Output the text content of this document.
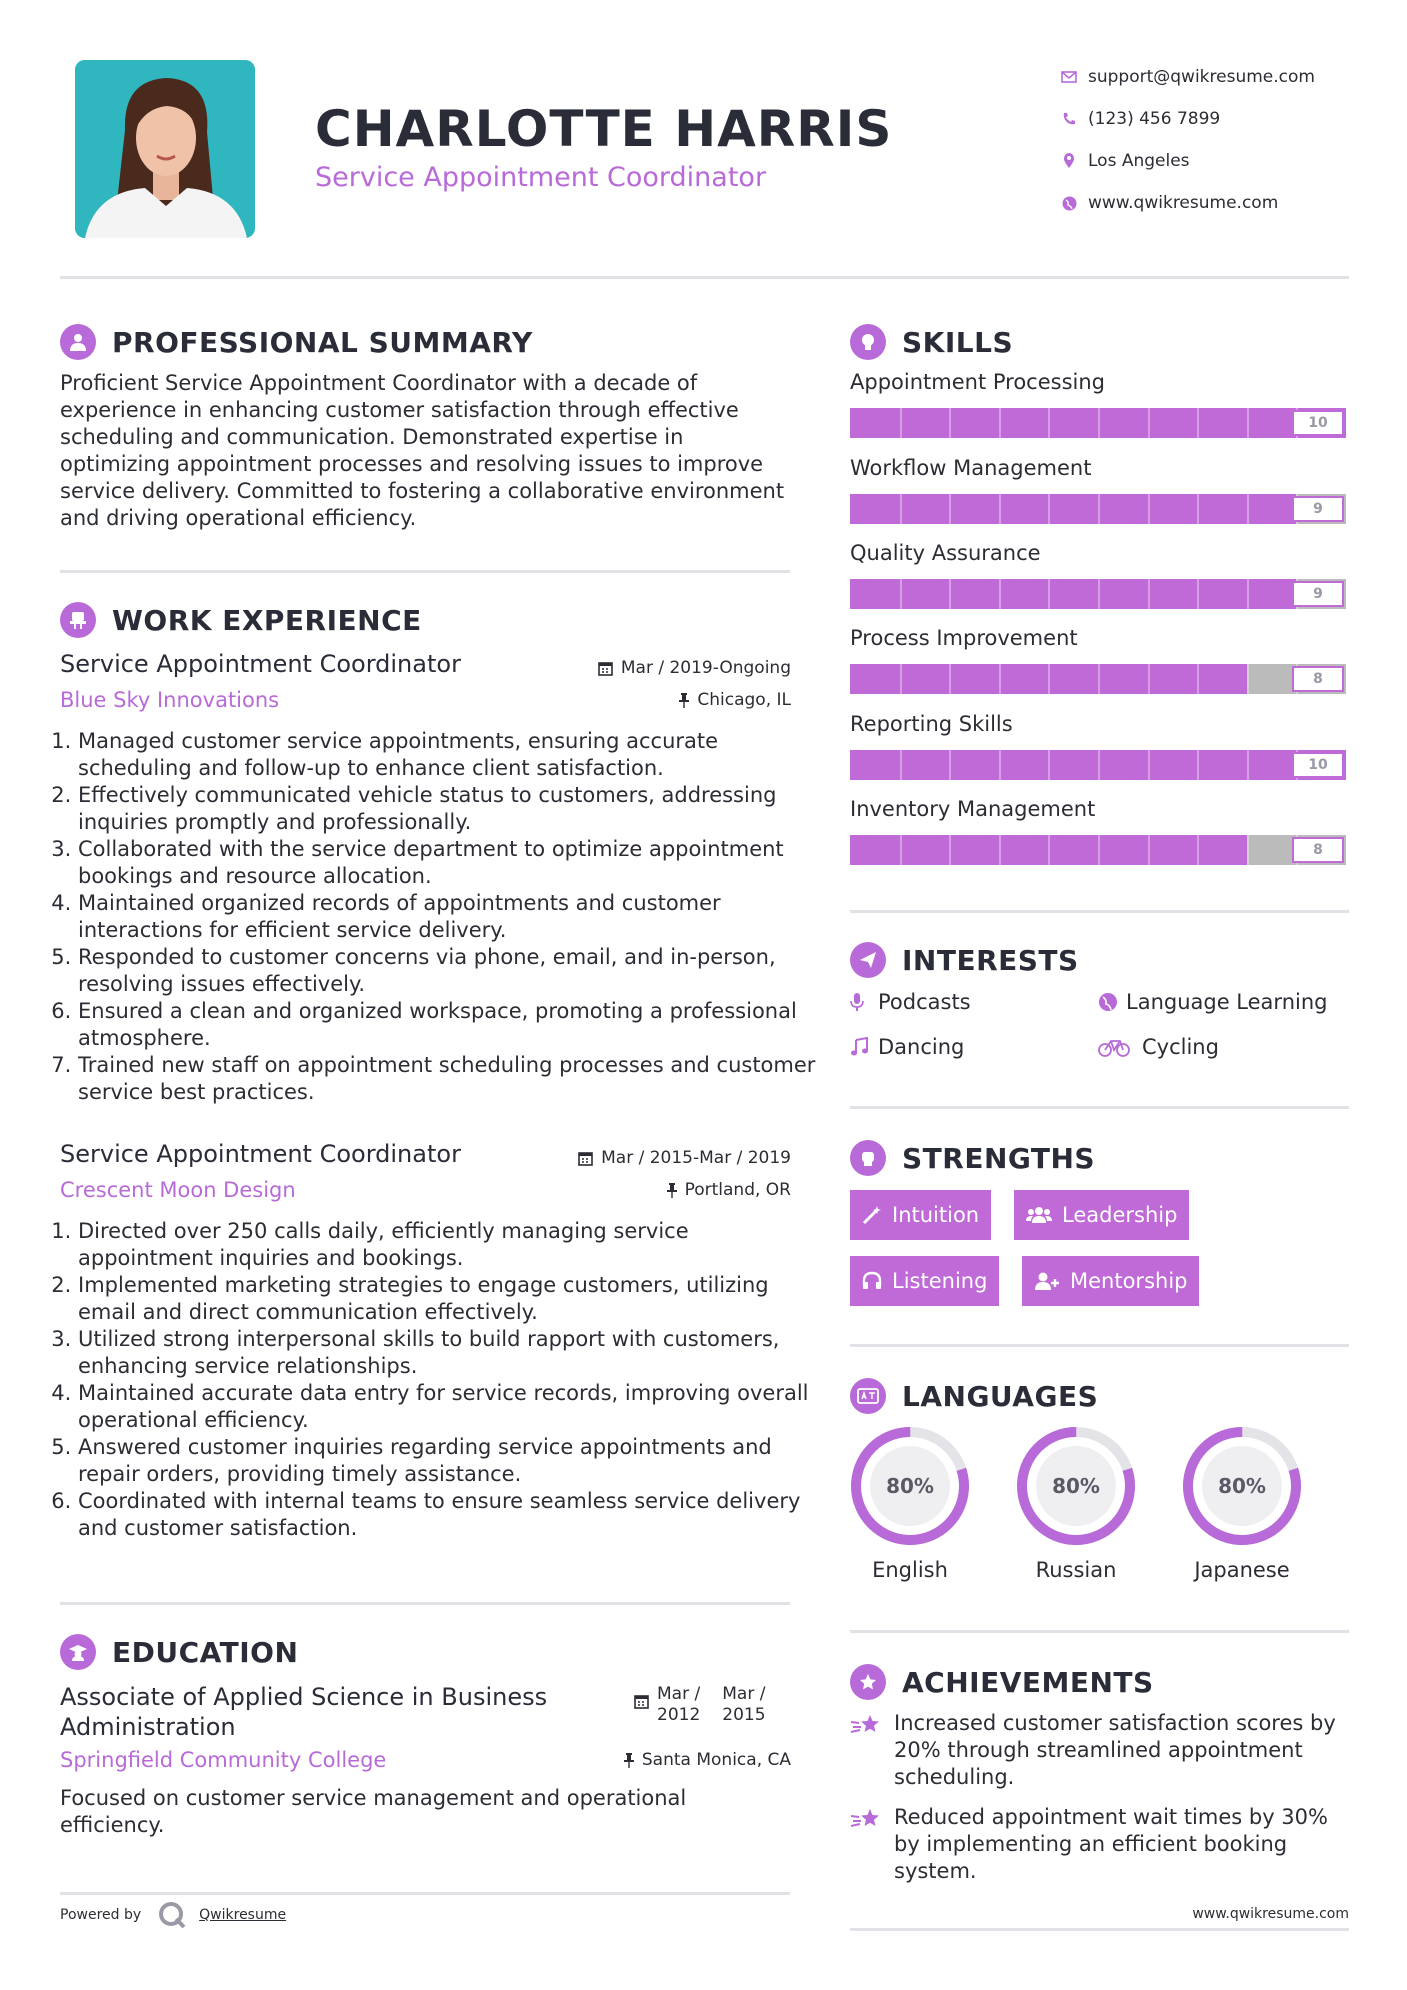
CHARLOTTE HARRIS
Service Appointment Coordinator
support@qwikresume.com
(123) 456 7899
Los Angeles
www.qwikresume.com
PROFESSIONAL SUMMARY
Proficient Service Appointment Coordinator with a decade of
experience in enhancing customer satisfaction through effective
scheduling and communication. Demonstrated expertise in
optimizing appointment processes and resolving issues to improve
service delivery. Committed to fostering a collaborative environment
and driving operational efficiency.
WORK EXPERIENCE
Service Appointment Coordinator	Mar / 2019-Ongoing
Blue Sky Innovations	Chicago, IL
1. Managed customer service appointments, ensuring accurate scheduling and follow-up to enhance client satisfaction.
2. Effectively communicated vehicle status to customers, addressing inquiries promptly and professionally.
3. Collaborated with the service department to optimize appointment bookings and resource allocation.
4. Maintained organized records of appointments and customer interactions for efficient service delivery.
5. Responded to customer concerns via phone, email, and in-person, resolving issues effectively.
6. Ensured a clean and organized workspace, promoting a professional atmosphere.
7. Trained new staff on appointment scheduling processes and customer service best practices.
Service Appointment Coordinator	Mar / 2015-Mar / 2019
Crescent Moon Design	Portland, OR
1. Directed over 250 calls daily, efficiently managing service appointment inquiries and bookings.
2. Implemented marketing strategies to engage customers, utilizing email and direct communication effectively.
3. Utilized strong interpersonal skills to build rapport with customers, enhancing service relationships.
4. Maintained accurate data entry for service records, improving overall operational efficiency.
5. Answered customer inquiries regarding service appointments and repair orders, providing timely assistance.
6. Coordinated with internal teams to ensure seamless service delivery and customer satisfaction.
EDUCATION
Associate of Applied Science in Business
Administration
Mar /
2012
Mar /
2015
Springfield Community College	Santa Monica, CA
Focused on customer service management and operational efficiency.
Powered by	Qwikresume
SKILLS
Appointment Processing
10
Workflow Management
9
Quality Assurance
9
Process Improvement
8
Reporting Skills
10
Inventory Management
8
INTERESTS
Podcasts	Language Learning
Dancing	Cycling
STRENGTHS
Intuition	Leadership
Listening	Mentorship
LANGUAGES
80%	80%	80%
English	Russian	Japanese
ACHIEVEMENTS
Increased customer satisfaction scores by
20% through streamlined appointment
scheduling.
Reduced appointment wait times by 30%
by implementing an efficient booking
system.
www.qwikresume.com
